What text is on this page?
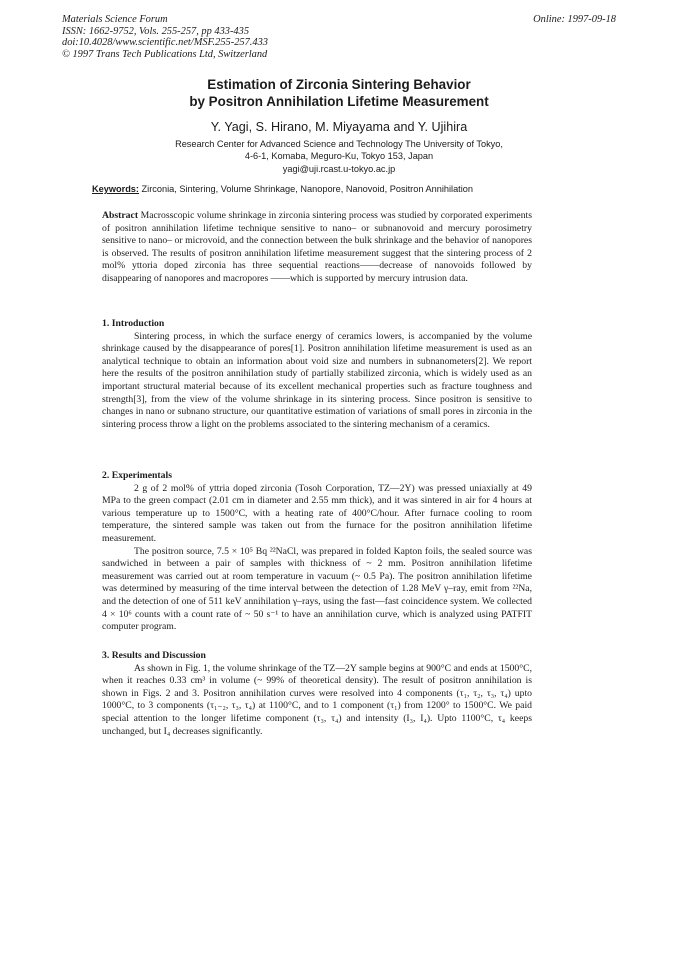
Materials Science Forum
ISSN: 1662-9752, Vols. 255-257, pp 433-435
doi:10.4028/www.scientific.net/MSF.255-257.433
© 1997 Trans Tech Publications Ltd, Switzerland
Online: 1997-09-18
Estimation of Zirconia Sintering Behavior
by Positron Annihilation Lifetime Measurement
Y. Yagi, S. Hirano, M. Miyayama and Y. Ujihira
Research Center for Advanced Science and Technology The University of Tokyo,
4-6-1, Komaba, Meguro-Ku, Tokyo 153, Japan
yagi@uji.rcast.u-tokyo.ac.jp
Keywords: Zirconia, Sintering, Volume Shrinkage, Nanopore, Nanovoid, Positron Annihilation

Abstract Macrosscopic volume shrinkage in zirconia sintering process was studied by corporated experiments of positron annihilation lifetime technique sensitive to nano– or subnanovoid and mercury porosimetry sensitive to nano– or microvoid, and the connection between the bulk shrinkage and the behavior of nanopores is observed. The results of positron annihilation lifetime measurement suggest that the sintering process of 2 mol% yttoria doped zirconia has three sequential reactions——decrease of nanovoids followed by disappearing of nanopores and macropores ——which is supported by mercury intrusion data.

1. Introduction

Sintering process, in which the surface energy of ceramics lowers, is accompanied by the volume shrinkage caused by the disappearance of pores[1]. Positron annihilation lifetime measurement is used as an analytical technique to obtain an information about void size and numbers in subnanometers[2]. We report here the results of the positron annihilation study of partially stabilized zirconia, which is widely used as an important structural material because of its excellent mechanical properties such as fracture toughness and strength[3], from the view of the volume shrinkage in its sintering process. Since positron is sensitive to changes in nano or subnano structure, our quantitative estimation of variations of small pores in zirconia in the sintering process throw a light on the problems associated to the sintering mechanism of a ceramics.

2. Experimentals

2 g of 2 mol% of yttria doped zirconia (Tosoh Corporation, TZ—2Y) was pressed uniaxially at 49 MPa to the green compact (2.01 cm in diameter and 2.55 mm thick), and it was sintered in air for 4 hours at various temperature up to 1500°C, with a heating rate of 400°C/hour. After furnace cooling to room temperature, the sintered sample was taken out from the furnace for the positron annihilation lifetime measurement.

The positron source, 7.5 × 10⁵ Bq ²²NaCl, was prepared in folded Kapton foils, the sealed source was sandwiched in between a pair of samples with thickness of ~ 2 mm. Positron annihilation lifetime measurement was carried out at room temperature in vacuum (~ 0.5 Pa). The positron annihilation lifetime was determined by measuring of the time interval between the detection of 1.28 MeV γ–ray, emit from ²²Na, and the detection of one of 511 keV annihilation γ–rays, using the fast—fast coincidence system. We collected 4 × 10⁶ counts with a count rate of ~ 50 s⁻¹ to have an annihilation curve, which is analyzed using PATFIT computer program.

3. Results and Discussion

As shown in Fig. 1, the volume shrinkage of the TZ—2Y sample begins at 900°C and ends at 1500°C, when it reaches 0.33 cm³ in volume (~ 99% of theoretical density). The result of positron annihilation is shown in Figs. 2 and 3. Positron annihilation curves were resolved into 4 components (τ₁, τ₂, τ₃, τ₄) upto 1000°C, to 3 components (τ₁₋₂, τ₃, τ₄) at 1100°C, and to 1 component (τ₁) from 1200° to 1500°C. We paid special attention to the longer lifetime component (τ₃, τ₄) and intensity (I₃, I₄). Upto 1100°C, τ₄ keeps unchanged, but I₄ decreases significantly.
